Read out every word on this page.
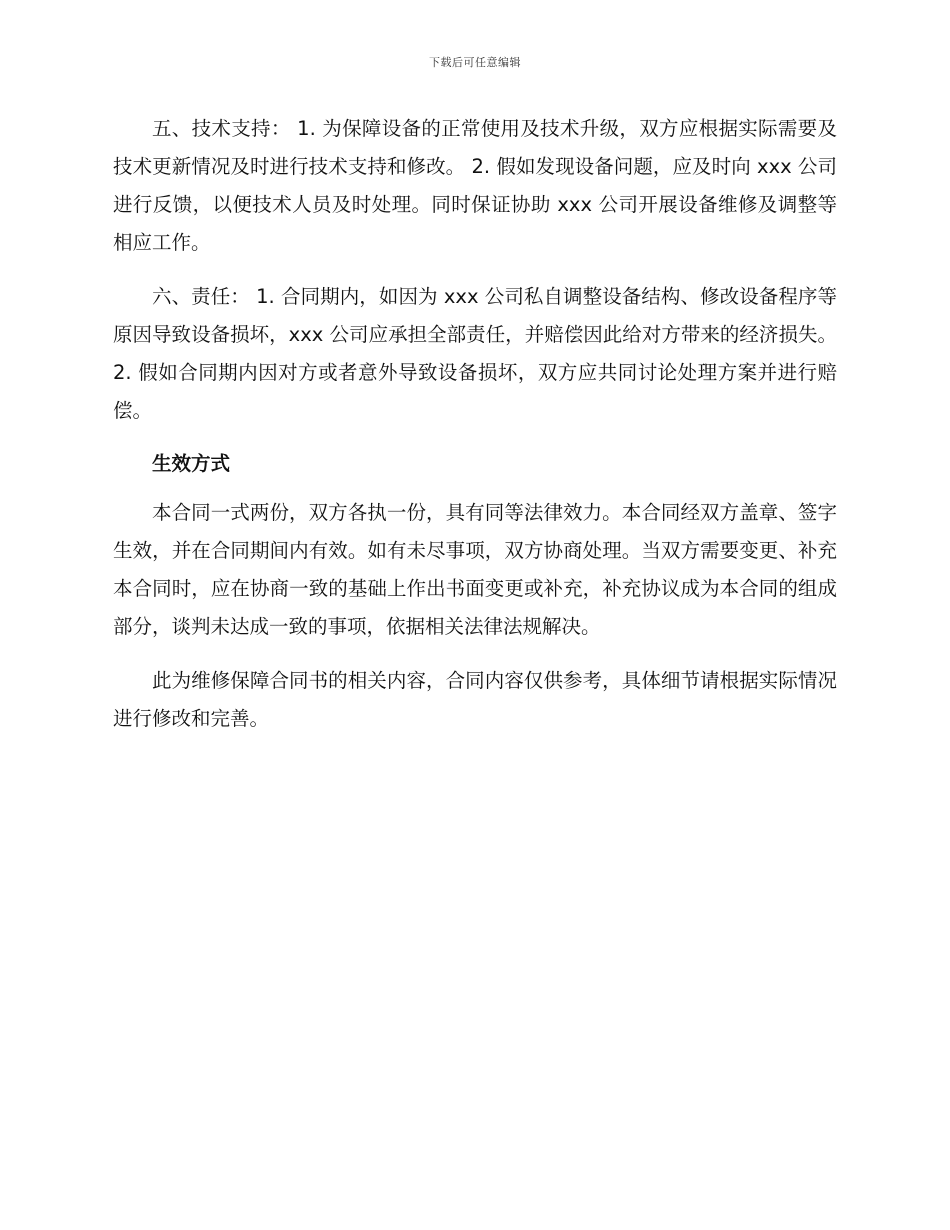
下载后可任意编辑

五、技术支持： 1. 为保障设备的正常使用及技术升级，双方应根据实际需要及技术更新情况及时进行技术支持和修改。 2. 假如发现设备问题，应及时向 xxx 公司进行反馈，以便技术人员及时处理。同时保证协助 xxx 公司开展设备维修及调整等相应工作。

六、责任： 1. 合同期内，如因为 xxx 公司私自调整设备结构、修改设备程序等原因导致设备损坏，xxx 公司应承担全部责任，并赔偿因此给对方带来的经济损失。 2. 假如合同期内因对方或者意外导致设备损坏，双方应共同讨论处理方案并进行赔偿。

生效方式

本合同一式两份，双方各执一份，具有同等法律效力。本合同经双方盖章、签字生效，并在合同期间内有效。如有未尽事项，双方协商处理。当双方需要变更、补充本合同时，应在协商一致的基础上作出书面变更或补充，补充协议成为本合同的组成部分，谈判未达成一致的事项，依据相关法律法规解决。

此为维修保障合同书的相关内容，合同内容仅供参考，具体细节请根据实际情况进行修改和完善。
